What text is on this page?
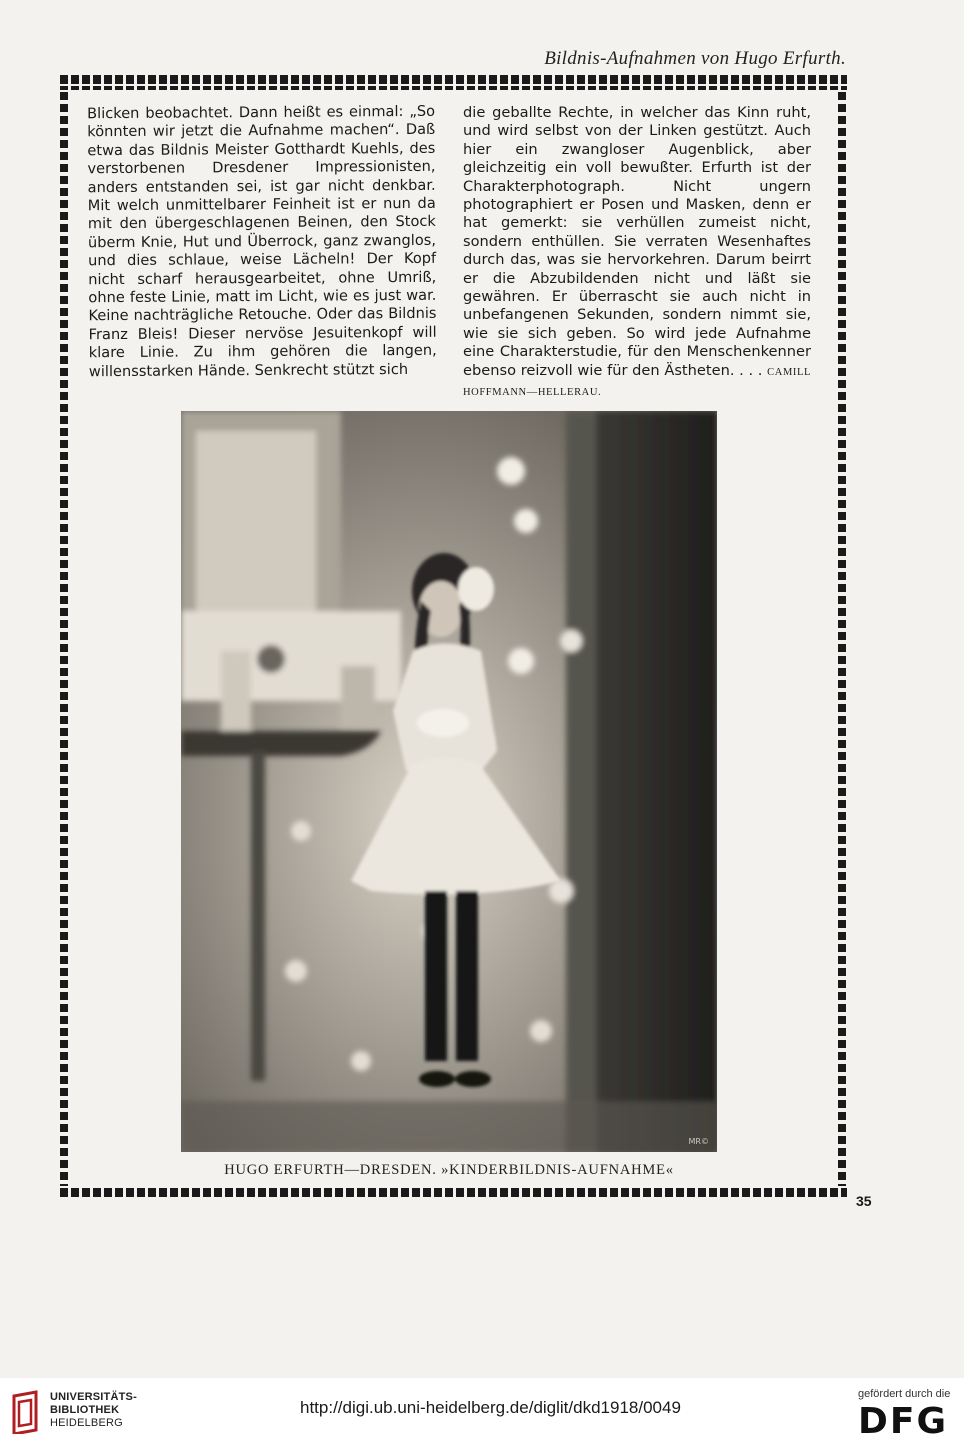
Bildnis-Aufnahmen von Hugo Erfurth.

Blicken beobachtet. Dann heißt es einmal: „So könnten wir jetzt die Aufnahme machen“. Daß etwa das Bildnis Meister Gotthardt Kuehls, des verstorbenen Dresdener Impressionisten, anders entstanden sei, ist gar nicht denkbar. Mit welch unmittelbarer Feinheit ist er nun da mit den übergeschlagenen Beinen, den Stock überm Knie, Hut und Überrock, ganz zwanglos, und dies schlaue, weise Lächeln! Der Kopf nicht scharf herausgearbeitet, ohne Umriß, ohne feste Linie, matt im Licht, wie es just war. Keine nachträgliche Retouche. Oder das Bildnis Franz Bleis! Dieser nervöse Jesuitenkopf will klare Linie. Zu ihm gehören die langen, willensstarken Hände. Senkrecht stützt sich

die geballte Rechte, in welcher das Kinn ruht, und wird selbst von der Linken gestützt. Auch hier ein zwangloser Augenblick, aber gleichzeitig ein voll bewußter. Erfurth ist der Charakterphotograph. Nicht ungern photographiert er Posen und Masken, denn er hat gemerkt: sie verhüllen zumeist nicht, sondern enthüllen. Sie verraten Wesenhaftes durch das, was sie hervorkehren. Darum beirrt er die Abzubildenden nicht und läßt sie gewähren. Er überrascht sie auch nicht in unbefangenen Sekunden, sondern nimmt sie, wie sie sich geben. So wird jede Aufnahme eine Charakterstudie, für den Menschenkenner ebenso reizvoll wie für den Ästheten. . . . CAMILL HOFFMANN—HELLERAU.

MR©
HUGO ERFURTH—DRESDEN. »KINDERBILDNIS-AUFNAHME«
35
UNIVERSITÄTS-
BIBLIOTHEK
HEIDELBERG
http://digi.ub.uni-heidelberg.de/diglit/dkd1918/0049
gefördert durch die
DFG
